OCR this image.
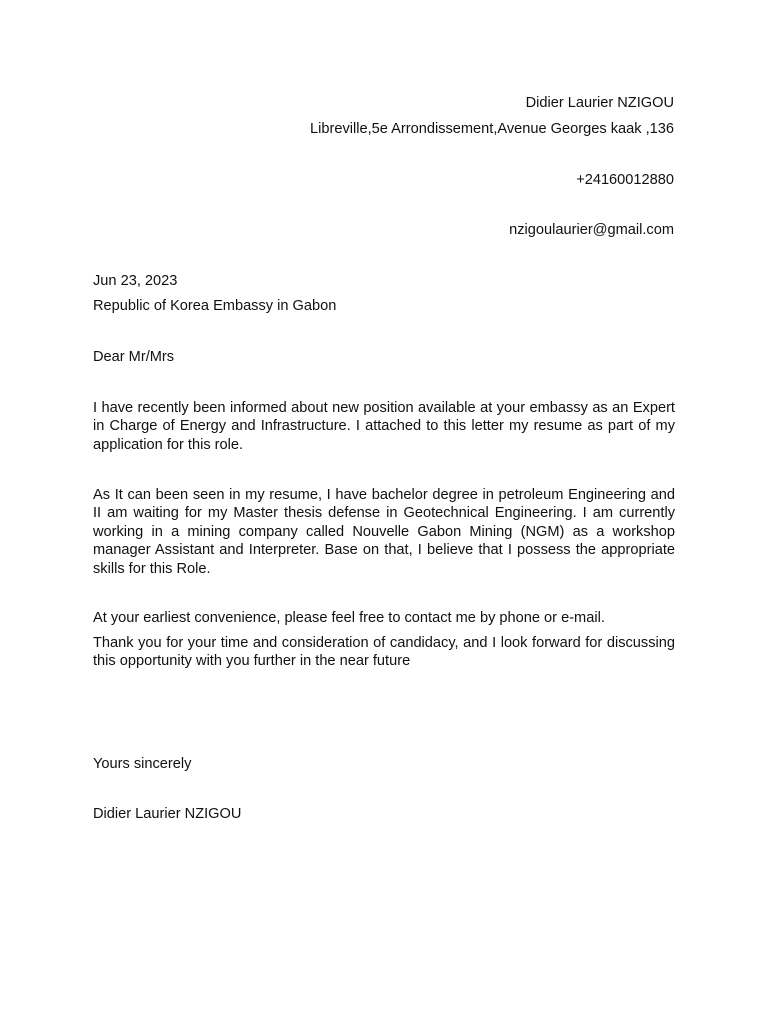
Didier Laurier NZIGOU
Libreville,5e Arrondissement,Avenue Georges kaak ,136
+24160012880
nzigoulaurier@gmail.com
Jun 23, 2023
Republic of Korea Embassy in Gabon
Dear Mr/Mrs
I have recently been informed about new position available at your embassy as an Expert in Charge of Energy and Infrastructure. I attached to this letter my resume as part of my application for this role.
As It can been seen in my resume, I have bachelor degree in petroleum Engineering and II am waiting for my Master thesis defense in Geotechnical Engineering. I am currently working in a mining company called Nouvelle Gabon Mining (NGM) as a workshop manager Assistant and Interpreter. Base on that, I believe that I possess the appropriate skills for this Role.
At your earliest convenience, please feel free to contact me by phone or e-mail.
Thank you for your time and consideration of candidacy, and I look forward for discussing this opportunity with you further in the near future
Yours sincerely
Didier Laurier NZIGOU
